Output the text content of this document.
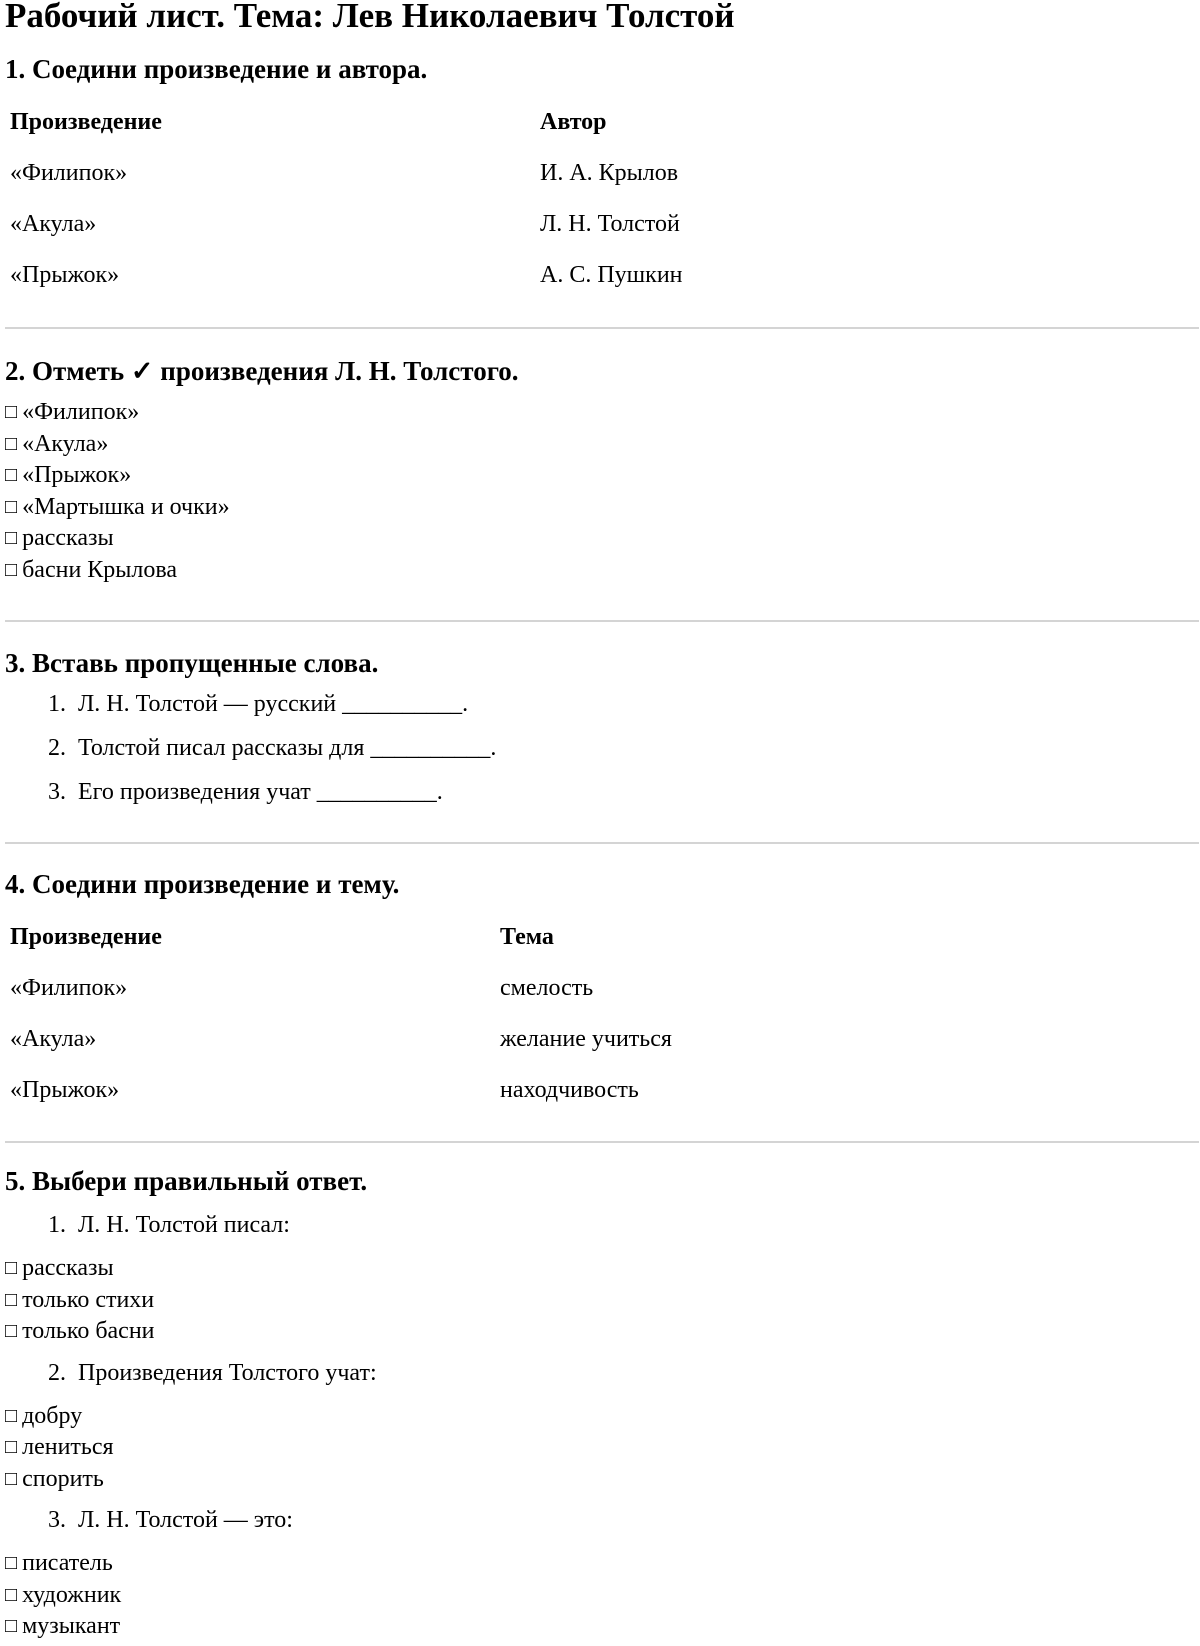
Рабочий лист. Тема: Лев Николаевич Толстой
1. Соедини произведение и автора.
Произведение	Автор
«Филипок»	И. А. Крылов
«Акула»	Л. Н. Толстой
«Прыжок»	А. С. Пушкин
2. Отметь ✓ произведения Л. Н. Толстого.
□ «Филипок»
□ «Акула»
□ «Прыжок»
□ «Мартышка и очки»
□ рассказы
□ басни Крылова
3. Вставь пропущенные слова.
1. Л. Н. Толстой — русский __________.
2. Толстой писал рассказы для __________.
3. Его произведения учат __________.
4. Соедини произведение и тему.
Произведение	Тема
«Филипок»	смелость
«Акула»	желание учиться
«Прыжок»	находчивость
5. Выбери правильный ответ.
1. Л. Н. Толстой писал:
□ рассказы
□ только стихи
□ только басни
2. Произведения Толстого учат:
□ добру
□ лениться
□ спорить
3. Л. Н. Толстой — это:
□ писатель
□ художник
□ музыкант
